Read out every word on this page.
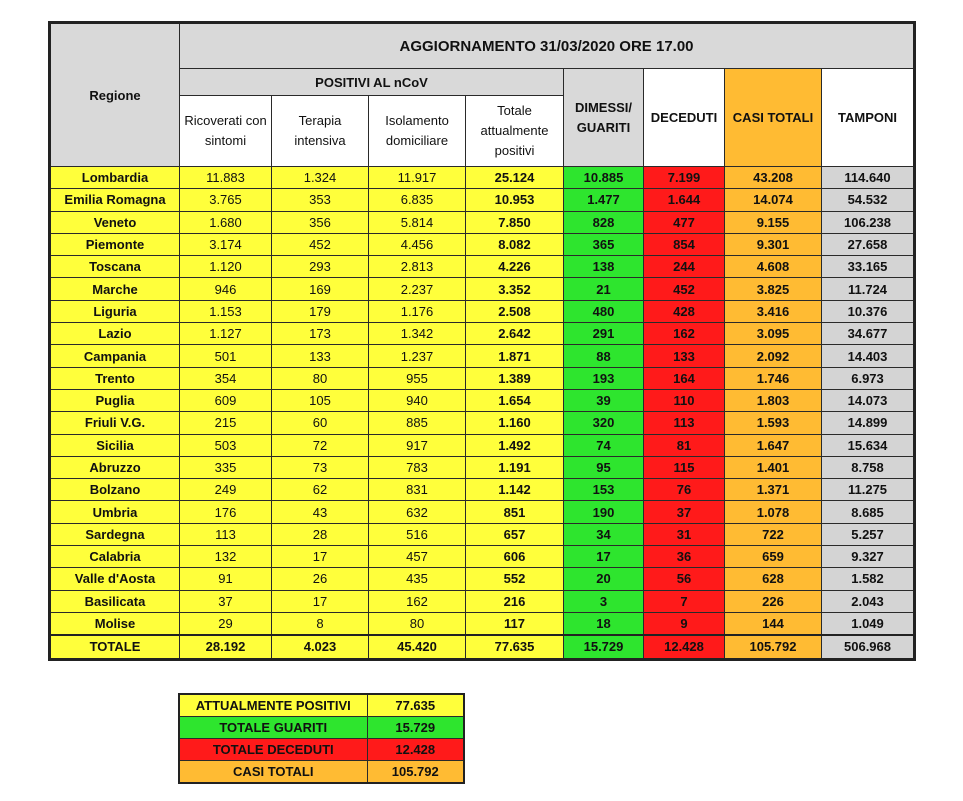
Regione	AGGIORNAMENTO 31/03/2020 ORE 17.00							
	POSITIVI AL nCoV				DIMESSI/ GUARITI	DECEDUTI	CASI TOTALI	TAMPONI
	Ricoverati con sintomi	Terapia intensiva	Isolamento domiciliare	Totale attualmente positivi				
Lombardia	11.883	1.324	11.917	25.124	10.885	7.199	43.208	114.640
Emilia Romagna	3.765	353	6.835	10.953	1.477	1.644	14.074	54.532
Veneto	1.680	356	5.814	7.850	828	477	9.155	106.238
Piemonte	3.174	452	4.456	8.082	365	854	9.301	27.658
Toscana	1.120	293	2.813	4.226	138	244	4.608	33.165
Marche	946	169	2.237	3.352	21	452	3.825	11.724
Liguria	1.153	179	1.176	2.508	480	428	3.416	10.376
Lazio	1.127	173	1.342	2.642	291	162	3.095	34.677
Campania	501	133	1.237	1.871	88	133	2.092	14.403
Trento	354	80	955	1.389	193	164	1.746	6.973
Puglia	609	105	940	1.654	39	110	1.803	14.073
Friuli V.G.	215	60	885	1.160	320	113	1.593	14.899
Sicilia	503	72	917	1.492	74	81	1.647	15.634
Abruzzo	335	73	783	1.191	95	115	1.401	8.758
Bolzano	249	62	831	1.142	153	76	1.371	11.275
Umbria	176	43	632	851	190	37	1.078	8.685
Sardegna	113	28	516	657	34	31	722	5.257
Calabria	132	17	457	606	17	36	659	9.327
Valle d'Aosta	91	26	435	552	20	56	628	1.582
Basilicata	37	17	162	216	3	7	226	2.043
Molise	29	8	80	117	18	9	144	1.049
TOTALE	28.192	4.023	45.420	77.635	15.729	12.428	105.792	506.968
ATTUALMENTE POSITIVI	77.635
TOTALE GUARITI	15.729
TOTALE DECEDUTI	12.428
CASI TOTALI	105.792
